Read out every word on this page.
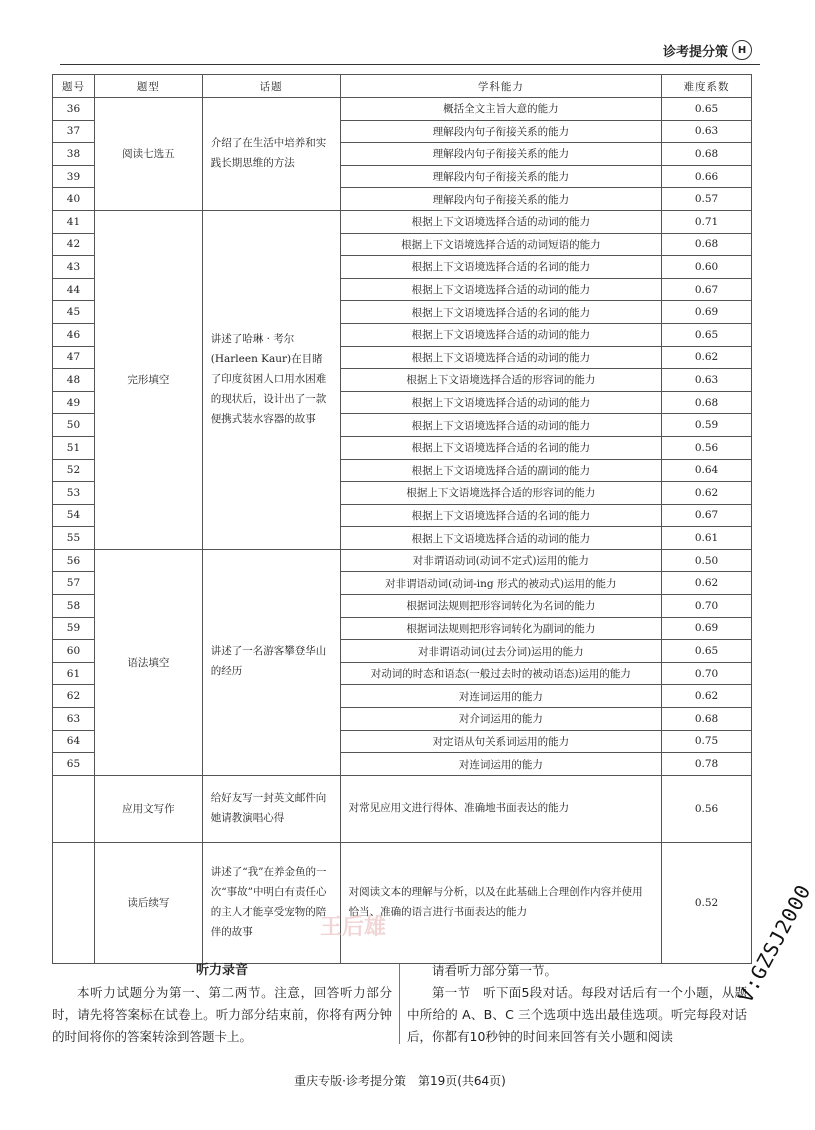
诊考提分策 H
题号	题型	话题	学科能力	难度系数
36	阅读七选五	介绍了在生活中培养和实践长期思维的方法	概括全文主旨大意的能力	0.65
37			理解段内句子衔接关系的能力	0.63
38			理解段内句子衔接关系的能力	0.68
39			理解段内句子衔接关系的能力	0.66
40			理解段内句子衔接关系的能力	0.57
41	完形填空	讲述了哈琳 · 考尔(Harleen Kaur)在目睹了印度贫困人口用水困难的现状后，设计出了一款便携式装水容器的故事	根据上下文语境选择合适的动词的能力	0.71
42			根据上下文语境选择合适的动词短语的能力	0.68
43			根据上下文语境选择合适的名词的能力	0.60
44			根据上下文语境选择合适的动词的能力	0.67
45			根据上下文语境选择合适的名词的能力	0.69
46			根据上下文语境选择合适的动词的能力	0.65
47			根据上下文语境选择合适的动词的能力	0.62
48			根据上下文语境选择合适的形容词的能力	0.63
49			根据上下文语境选择合适的动词的能力	0.68
50			根据上下文语境选择合适的动词的能力	0.59
51			根据上下文语境选择合适的名词的能力	0.56
52			根据上下文语境选择合适的副词的能力	0.64
53			根据上下文语境选择合适的形容词的能力	0.62
54			根据上下文语境选择合适的名词的能力	0.67
55			根据上下文语境选择合适的动词的能力	0.61
56	语法填空	讲述了一名游客攀登华山的经历	对非谓语动词(动词不定式)运用的能力	0.50
57			对非谓语动词(动词-ing 形式的被动式)运用的能力	0.62
58			根据词法规则把形容词转化为名词的能力	0.70
59			根据词法规则把形容词转化为副词的能力	0.69
60			对非谓语动词(过去分词)运用的能力	0.65
61			对动词的时态和语态(一般过去时的被动语态)运用的能力	0.70
62			对连词运用的能力	0.62
63			对介词运用的能力	0.68
64			对定语从句关系词运用的能力	0.75
65			对连词运用的能力	0.78
	应用文写作	给好友写一封英文邮件向她请教演唱心得	对常见应用文进行得体、准确地书面表达的能力	0.56
	读后续写	讲述了“我”在养金鱼的一次“事故”中明白有责任心的主人才能享受宠物的陪伴的故事	对阅读文本的理解与分析，以及在此基础上合理创作内容并使用恰当、准确的语言进行书面表达的能力	0.52
听力录音

本听力试题分为第一、第二两节。注意，回答听力部分时，请先将答案标在试卷上。听力部分结束前，你将有两分钟的时间将你的答案转涂到答题卡上。

请看听力部分第一节。

第一节　听下面5段对话。每段对话后有一个小题，从题中所给的 A、B、C 三个选项中选出最佳选项。听完每段对话后，你都有10秒钟的时间来回答有关小题和阅读

王后雄	V:GZSJ2000
重庆专版·诊考提分策　第19页(共64页)
